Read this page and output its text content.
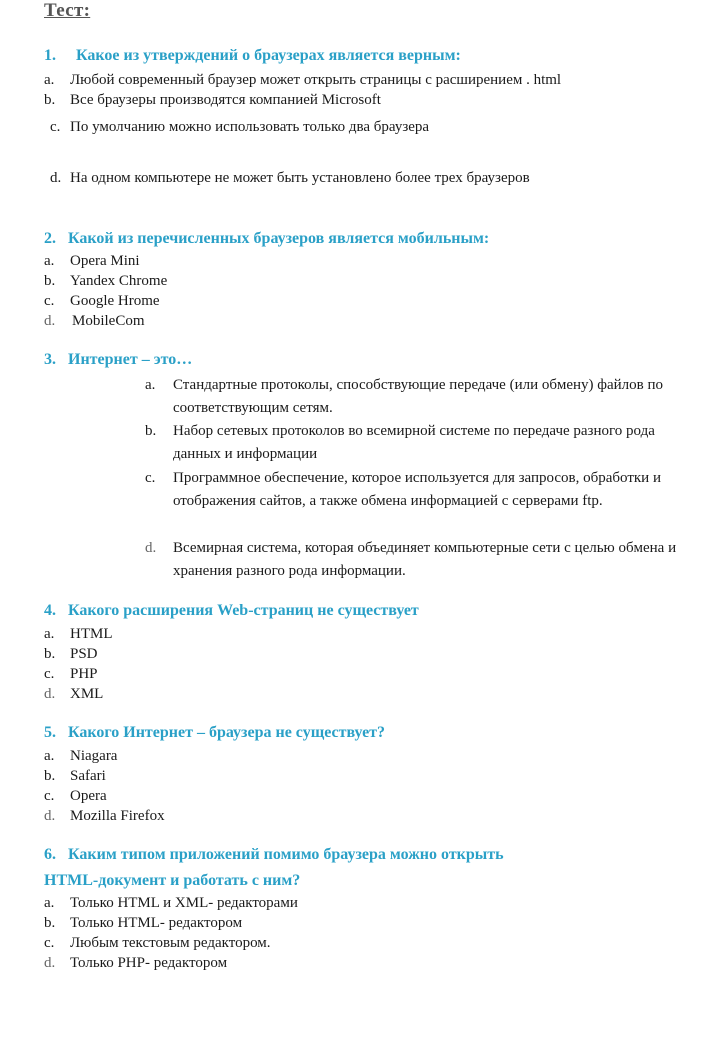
Тест:
1. Какое из утверждений о браузерах является верным:
a. Любой современный браузер может открыть страницы с расширением . html
b. Все браузеры производятся компанией Microsoft
c. По умолчанию можно использовать только два браузера
d. На одном компьютере не может быть установлено более трех браузеров
2. Какой из перечисленных браузеров является мобильным:
a. Opera Mini
b. Yandex Chrome
c. Google Hrome
d. MobileCom
3. Интернет – это…
a.	Стандартные протоколы, способствующие передаче (или обмену) файлов по соответствующим сетям.
b.	Набор сетевых протоколов во всемирной системе по передаче разного рода данных и информации
c.	Программное обеспечение, которое используется для запросов, обработки и отображения сайтов, а также обмена информацией с серверами ftp.
d.	Всемирная система, которая объединяет компьютерные сети с целью обмена и хранения разного рода информации.
4. Какого расширения Web-страниц не существует
a. HTML
b. PSD
c. PHP
d. XML
5. Какого Интернет – браузера не существует?
a. Niagara
b. Safari
c. Opera
d. Mozilla Firefox
6. Каким типом приложений помимо браузера можно открыть
HTML-документ и работать с ним?
a. Только HTML и XML- редакторами
b. Только HTML- редактором
c. Любым текстовым редактором.
d. Только PHP- редактором
